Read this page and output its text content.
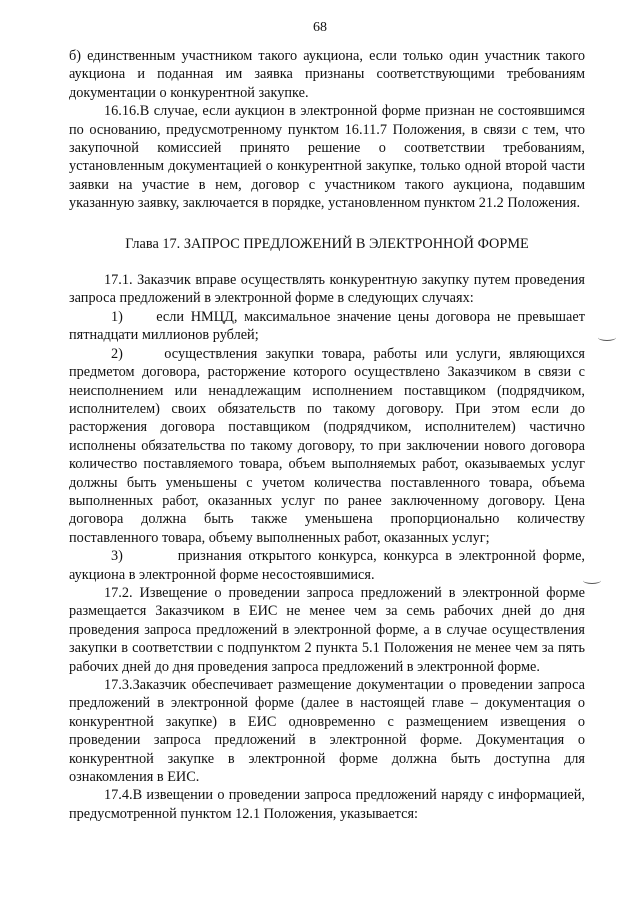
68

б) единственным участником такого аукциона, если только один участник такого аукциона и поданная им заявка признаны соответствующими требованиям документации о конкурентной закупке.

16.16.В случае, если аукцион в электронной форме признан не состоявшимся по основанию, предусмотренному пунктом 16.11.7 Положения, в связи с тем, что закупочной комиссией принято решение о соответствии требованиям, установленным документацией о конкурентной закупке, только одной второй части заявки на участие в нем, договор с участником такого аукциона, подавшим указанную заявку, заключается в порядке, установленном пунктом 21.2 Положения.

Глава 17. ЗАПРОС ПРЕДЛОЖЕНИЙ В ЭЛЕКТРОННОЙ ФОРМЕ

17.1. Заказчик вправе осуществлять конкурентную закупку путем проведения запроса предложений в электронной форме в следующих случаях:

1) если НМЦД, максимальное значение цены договора не превышает пятнадцати миллионов рублей;

2)	осуществления закупки товара, работы или услуги, являющихся предметом договора, расторжение которого осуществлено Заказчиком в связи с неисполнением или ненадлежащим исполнением поставщиком (подрядчиком, исполнителем) своих обязательств по такому договору. При этом если до расторжения договора поставщиком (подрядчиком, исполнителем) частично исполнены обязательства по такому договору, то при заключении нового договора количество поставляемого товара, объем выполняемых работ, оказываемых услуг должны быть уменьшены с учетом количества поставленного товара, объема выполненных работ, оказанных услуг по ранее заключенному договору. Цена договора должна быть также уменьшена пропорционально количеству поставленного товара, объему выполненных работ, оказанных услуг;

3)	признания открытого конкурса, конкурса в электронной форме, аукциона в электронной форме несостоявшимися.

17.2. Извещение о проведении запроса предложений в электронной форме размещается Заказчиком в ЕИС не менее чем за семь рабочих дней до дня проведения запроса предложений в электронной форме, а в случае осуществления закупки в соответствии с подпунктом 2 пункта 5.1 Положения не менее чем за пять рабочих дней до дня проведения запроса предложений в электронной форме.

17.3.Заказчик обеспечивает размещение документации о проведении запроса предложений в электронной форме (далее в настоящей главе – документация о конкурентной закупке) в ЕИС одновременно с размещением извещения о проведении запроса предложений в электронной форме. Документация о конкурентной закупке в электронной форме должна быть доступна для ознакомления в ЕИС.

17.4.В извещении о проведении запроса предложений наряду с информацией, предусмотренной пунктом 12.1 Положения, указывается:
